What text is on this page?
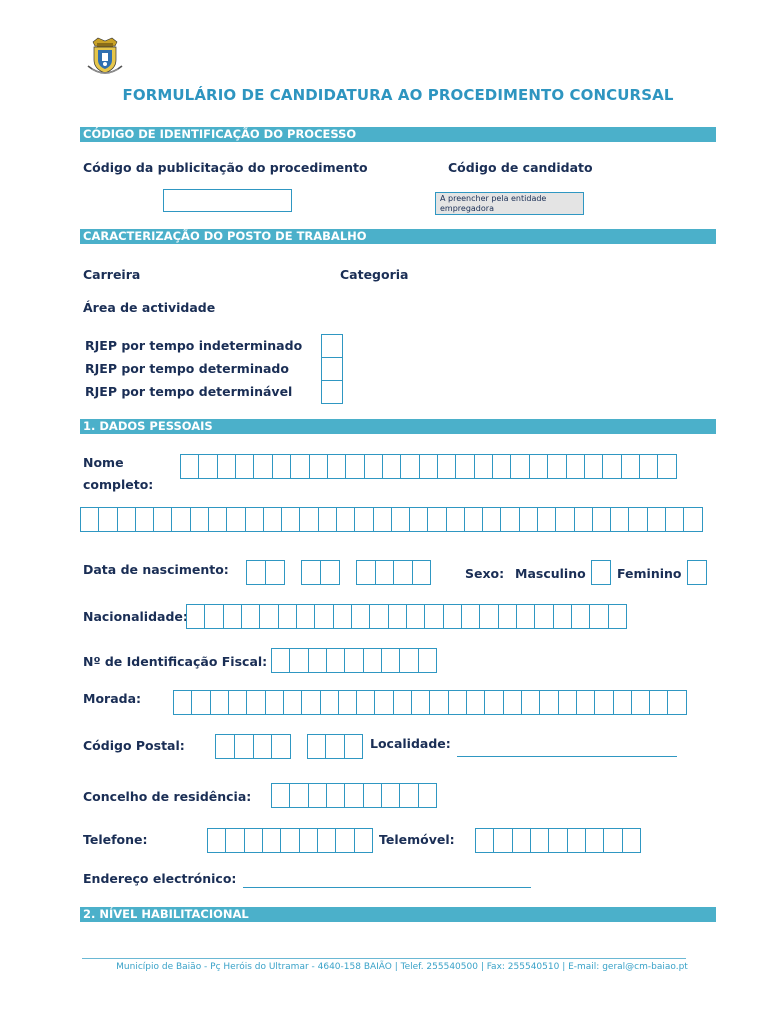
FORMULÁRIO DE CANDIDATURA AO PROCEDIMENTO CONCURSAL
CÓDIGO DE IDENTIFICAÇÃO DO PROCESSO
Código da publicitação do procedimento	Código de candidato
A preencher pela entidade empregadora
CARACTERIZAÇÃO DO POSTO DE TRABALHO
Carreira	Categoria
Área de actividade
RJEP por tempo indeterminado
RJEP por tempo determinado
RJEP por tempo determinável
1. DADOS PESSOAIS
Nome
completo:
Data de nascimento:	Sexo: Masculino	Feminino
Nacionalidade:
Nº de Identificação Fiscal:
Morada:
Código Postal:	Localidade:
Concelho de residência:
Telefone:	Telemóvel:
Endereço electrónico:
2. NÍVEL HABILITACIONAL
Município de Baião - Pç Heróis do Ultramar - 4640-158 BAIÃO | Telef. 255540500 | Fax: 255540510 | E-mail: geral@cm-baiao.pt
